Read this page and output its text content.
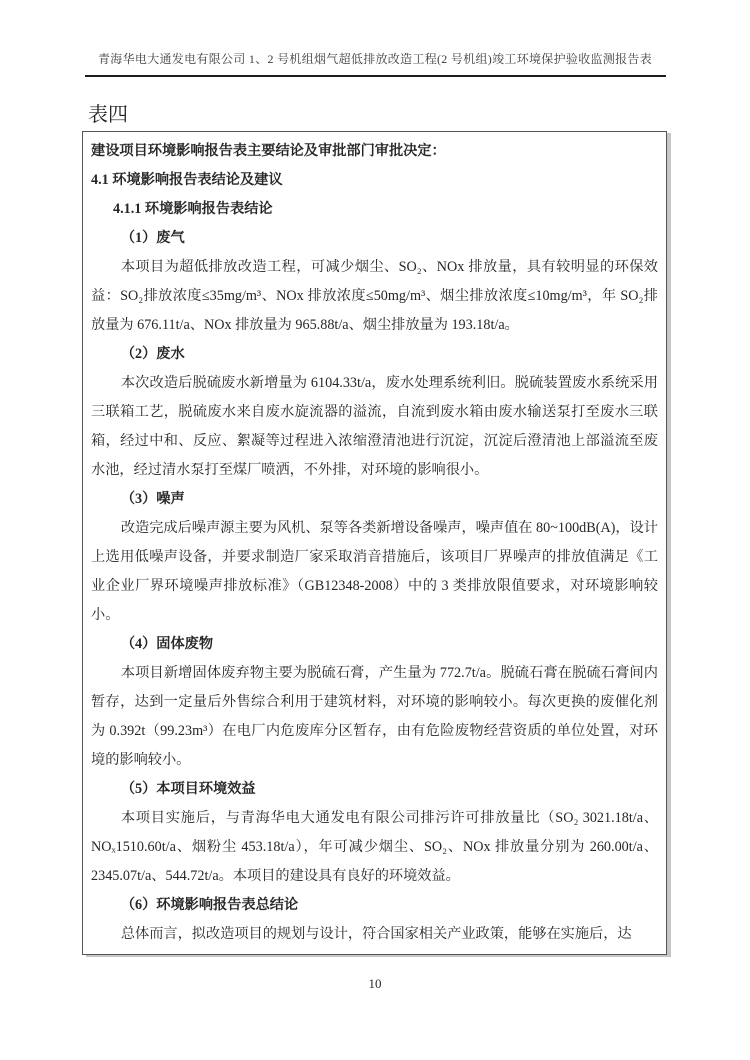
青海华电大通发电有限公司 1、2 号机组烟气超低排放改造工程(2 号机组)竣工环境保护验收监测报告表
表四

建设项目环境影响报告表主要结论及审批部门审批决定：

4.1 环境影响报告表结论及建议

4.1.1 环境影响报告表结论

（1）废气

本项目为超低排放改造工程，可减少烟尘、SO₂、NOx 排放量，具有较明显的环保效益：SO₂排放浓度≤35mg/m³、NOx 排放浓度≤50mg/m³、烟尘排放浓度≤10mg/m³，年 SO₂排放量为 676.11t/a、NOx 排放量为 965.88t/a、烟尘排放量为 193.18t/a。

（2）废水

本次改造后脱硫废水新增量为 6104.33t/a，废水处理系统利旧。脱硫装置废水系统采用三联箱工艺，脱硫废水来自废水旋流器的溢流，自流到废水箱由废水输送泵打至废水三联箱，经过中和、反应、絮凝等过程进入浓缩澄清池进行沉淀，沉淀后澄清池上部溢流至废水池，经过清水泵打至煤厂喷洒，不外排，对环境的影响很小。

（3）噪声

改造完成后噪声源主要为风机、泵等各类新增设备噪声，噪声值在 80~100dB(A)，设计上选用低噪声设备，并要求制造厂家采取消音措施后，该项目厂界噪声的排放值满足《工业企业厂界环境噪声排放标准》（GB12348-2008）中的 3 类排放限值要求，对环境影响较小。

（4）固体废物

本项目新增固体废弃物主要为脱硫石膏，产生量为 772.7t/a。脱硫石膏在脱硫石膏间内暂存，达到一定量后外售综合利用于建筑材料，对环境的影响较小。每次更换的废催化剂为 0.392t（99.23m³）在电厂内危废库分区暂存，由有危险废物经营资质的单位处置，对环境的影响较小。

（5）本项目环境效益

本项目实施后，与青海华电大通发电有限公司排污许可排放量比（SO₂ 3021.18t/a、NOₓ1510.60t/a、烟粉尘 453.18t/a），年可减少烟尘、SO₂、NOx 排放量分别为 260.00t/a、2345.07t/a、544.72t/a。本项目的建设具有良好的环境效益。

（6）环境影响报告表总结论

总体而言，拟改造项目的规划与设计，符合国家相关产业政策，能够在实施后，达

10
